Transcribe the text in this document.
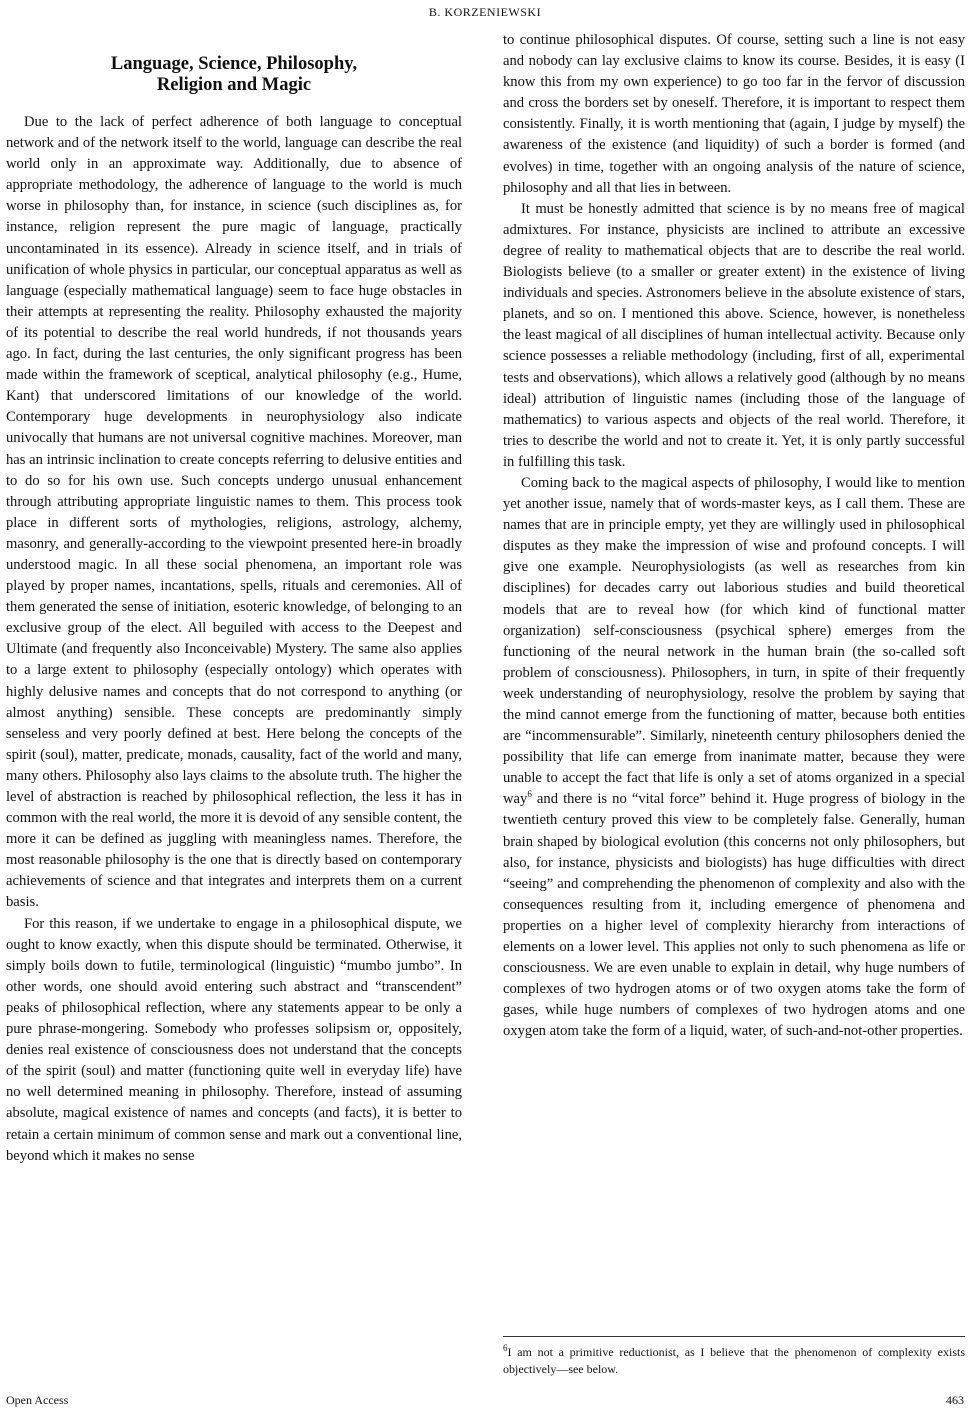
B. KORZENIEWSKI
Language, Science, Philosophy,
Religion and Magic

Due to the lack of perfect adherence of both language to conceptual network and of the network itself to the world, language can describe the real world only in an approximate way. Additionally, due to absence of appropriate methodology, the adherence of language to the world is much worse in philosophy than, for instance, in science (such disciplines as, for instance, religion represent the pure magic of language, practically uncontaminated in its essence). Already in science itself, and in trials of unification of whole physics in particular, our conceptual apparatus as well as language (especially mathematical language) seem to face huge obstacles in their attempts at representing the reality. Philosophy exhausted the majority of its potential to describe the real world hundreds, if not thousands years ago. In fact, during the last centuries, the only significant progress has been made within the framework of sceptical, analytical philosophy (e.g., Hume, Kant) that underscored limitations of our knowledge of the world. Contemporary huge developments in neurophysiology also indicate univocally that humans are not universal cognitive machines. Moreover, man has an intrinsic inclination to create concepts referring to delusive entities and to do so for his own use. Such concepts undergo unusual enhancement through attributing appropriate linguistic names to them. This process took place in different sorts of mythologies, religions, astrology, alchemy, masonry, and generally-according to the viewpoint presented here-in broadly understood magic. In all these social phenomena, an important role was played by proper names, incantations, spells, rituals and ceremonies. All of them generated the sense of initiation, esoteric knowledge, of belonging to an exclusive group of the elect. All beguiled with access to the Deepest and Ultimate (and frequently also Inconceivable) Mystery. The same also applies to a large extent to philosophy (especially ontology) which operates with highly delusive names and concepts that do not correspond to anything (or almost anything) sensible. These concepts are predominantly simply senseless and very poorly defined at best. Here belong the concepts of the spirit (soul), matter, predicate, monads, causality, fact of the world and many, many others. Philosophy also lays claims to the absolute truth. The higher the level of abstraction is reached by philosophical reflection, the less it has in common with the real world, the more it is devoid of any sensible content, the more it can be defined as juggling with meaningless names. Therefore, the most reasonable philosophy is the one that is directly based on contemporary achievements of science and that integrates and interprets them on a current basis.

For this reason, if we undertake to engage in a philosophical dispute, we ought to know exactly, when this dispute should be terminated. Otherwise, it simply boils down to futile, terminological (linguistic) “mumbo jumbo”. In other words, one should avoid entering such abstract and “transcendent” peaks of philosophical reflection, where any statements appear to be only a pure phrase-mongering. Somebody who professes solipsism or, oppositely, denies real existence of consciousness does not understand that the concepts of the spirit (soul) and matter (functioning quite well in everyday life) have no well determined meaning in philosophy. Therefore, instead of assuming absolute, magical existence of names and concepts (and facts), it is better to retain a certain minimum of common sense and mark out a conventional line, beyond which it makes no sense

to continue philosophical disputes. Of course, setting such a line is not easy and nobody can lay exclusive claims to know its course. Besides, it is easy (I know this from my own experience) to go too far in the fervor of discussion and cross the borders set by oneself. Therefore, it is important to respect them consistently. Finally, it is worth mentioning that (again, I judge by myself) the awareness of the existence (and liquidity) of such a border is formed (and evolves) in time, together with an ongoing analysis of the nature of science, philosophy and all that lies in between.

It must be honestly admitted that science is by no means free of magical admixtures. For instance, physicists are inclined to attribute an excessive degree of reality to mathematical objects that are to describe the real world. Biologists believe (to a smaller or greater extent) in the existence of living individuals and species. Astronomers believe in the absolute existence of stars, planets, and so on. I mentioned this above. Science, however, is nonetheless the least magical of all disciplines of human intellectual activity. Because only science possesses a reliable methodology (including, first of all, experimental tests and observations), which allows a relatively good (although by no means ideal) attribution of linguistic names (including those of the language of mathematics) to various aspects and objects of the real world. Therefore, it tries to describe the world and not to create it. Yet, it is only partly successful in fulfilling this task.

Coming back to the magical aspects of philosophy, I would like to mention yet another issue, namely that of words-master keys, as I call them. These are names that are in principle empty, yet they are willingly used in philosophical disputes as they make the impression of wise and profound concepts. I will give one example. Neurophysiologists (as well as researches from kin disciplines) for decades carry out laborious studies and build theoretical models that are to reveal how (for which kind of functional matter organization) self-consciousness (psychical sphere) emerges from the functioning of the neural network in the human brain (the so-called soft problem of consciousness). Philosophers, in turn, in spite of their frequently week understanding of neurophysiology, resolve the problem by saying that the mind cannot emerge from the functioning of matter, because both entities are “incommensurable”. Similarly, nineteenth century philosophers denied the possibility that life can emerge from inanimate matter, because they were unable to accept the fact that life is only a set of atoms organized in a special way$^6$ and there is no “vital force” behind it. Huge progress of biology in the twentieth century proved this view to be completely false. Generally, human brain shaped by biological evolution (this concerns not only philosophers, but also, for instance, physicists and biologists) has huge difficulties with direct “seeing” and comprehending the phenomenon of complexity and also with the consequences resulting from it, including emergence of phenomena and properties on a higher level of complexity hierarchy from interactions of elements on a lower level. This applies not only to such phenomena as life or consciousness. We are even unable to explain in detail, why huge numbers of complexes of two hydrogen atoms or of two oxygen atoms take the form of gases, while huge numbers of complexes of two hydrogen atoms and one oxygen atom take the form of a liquid, water, of such-and-not-other properties.

$^6$I am not a primitive reductionist, as I believe that the phenomenon of complexity exists objectively—see below.
Open Access	463
